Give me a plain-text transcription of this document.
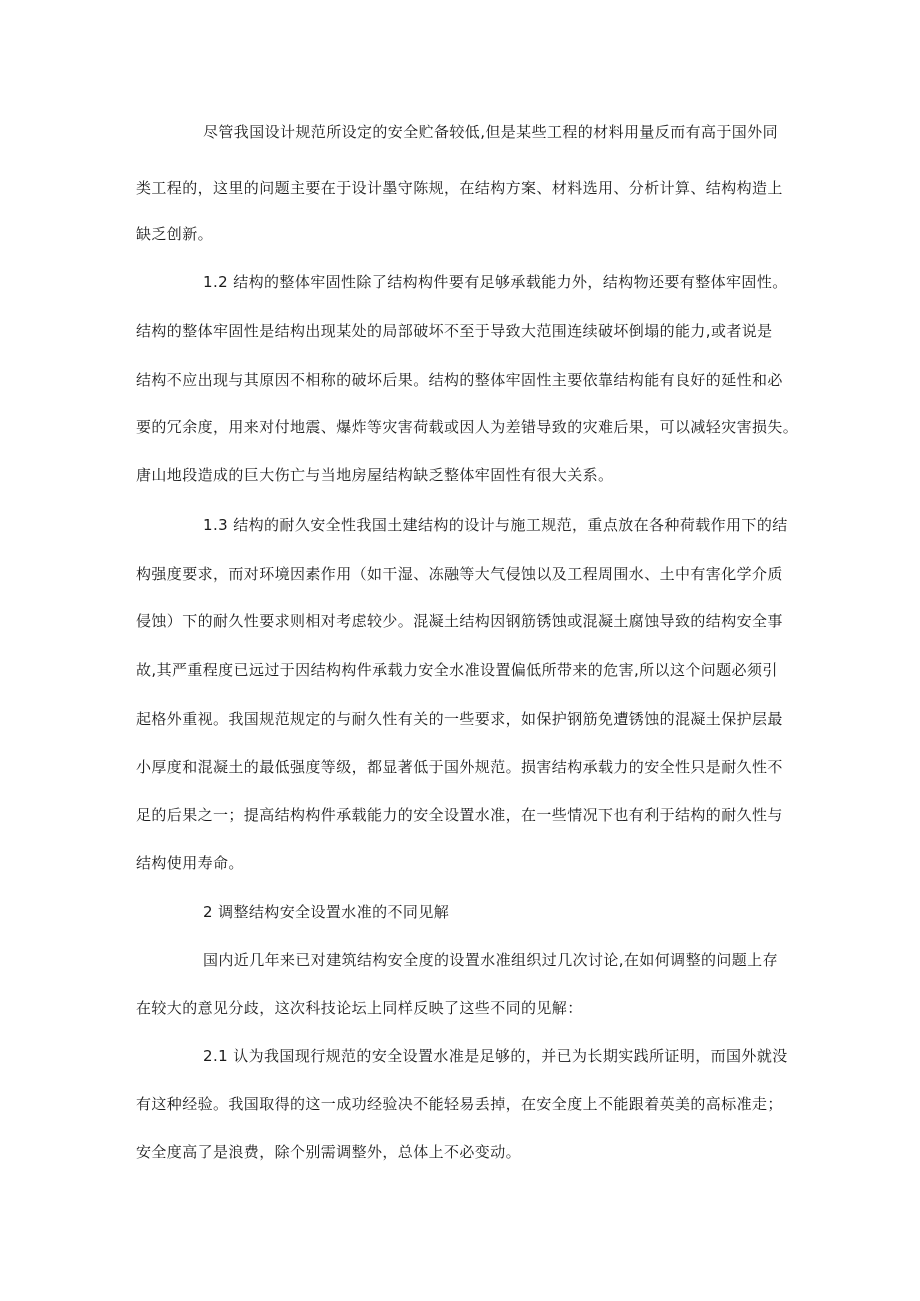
尽管我国设计规范所设定的安全贮备较低,但是某些工程的材料用量反而有高于国外同

类工程的，这里的问题主要在于设计墨守陈规，在结构方案、材料选用、分析计算、结构构造上

缺乏创新。

1.2 结构的整体牢固性除了结构构件要有足够承载能力外，结构物还要有整体牢固性。

结构的整体牢固性是结构出现某处的局部破坏不至于导致大范围连续破坏倒塌的能力,或者说是

结构不应出现与其原因不相称的破坏后果。结构的整体牢固性主要依靠结构能有良好的延性和必

要的冗余度，用来对付地震、爆炸等灾害荷载或因人为差错导致的灾难后果，可以减轻灾害损失。

唐山地段造成的巨大伤亡与当地房屋结构缺乏整体牢固性有很大关系。

1.3 结构的耐久安全性我国土建结构的设计与施工规范，重点放在各种荷载作用下的结

构强度要求，而对环境因素作用（如干湿、冻融等大气侵蚀以及工程周围水、土中有害化学介质

侵蚀）下的耐久性要求则相对考虑较少。混凝土结构因钢筋锈蚀或混凝土腐蚀导致的结构安全事

故,其严重程度已远过于因结构构件承载力安全水准设置偏低所带来的危害,所以这个问题必须引

起格外重视。我国规范规定的与耐久性有关的一些要求，如保护钢筋免遭锈蚀的混凝土保护层最

小厚度和混凝土的最低强度等级，都显著低于国外规范。损害结构承载力的安全性只是耐久性不

足的后果之一；提高结构构件承载能力的安全设置水准，在一些情况下也有利于结构的耐久性与

结构使用寿命。

2 调整结构安全设置水准的不同见解

国内近几年来已对建筑结构安全度的设置水准组织过几次讨论,在如何调整的问题上存

在较大的意见分歧，这次科技论坛上同样反映了这些不同的见解：

2.1 认为我国现行规范的安全设置水准是足够的，并已为长期实践所证明，而国外就没

有这种经验。我国取得的这一成功经验决不能轻易丢掉，在安全度上不能跟着英美的高标准走；

安全度高了是浪费，除个别需调整外，总体上不必变动。
